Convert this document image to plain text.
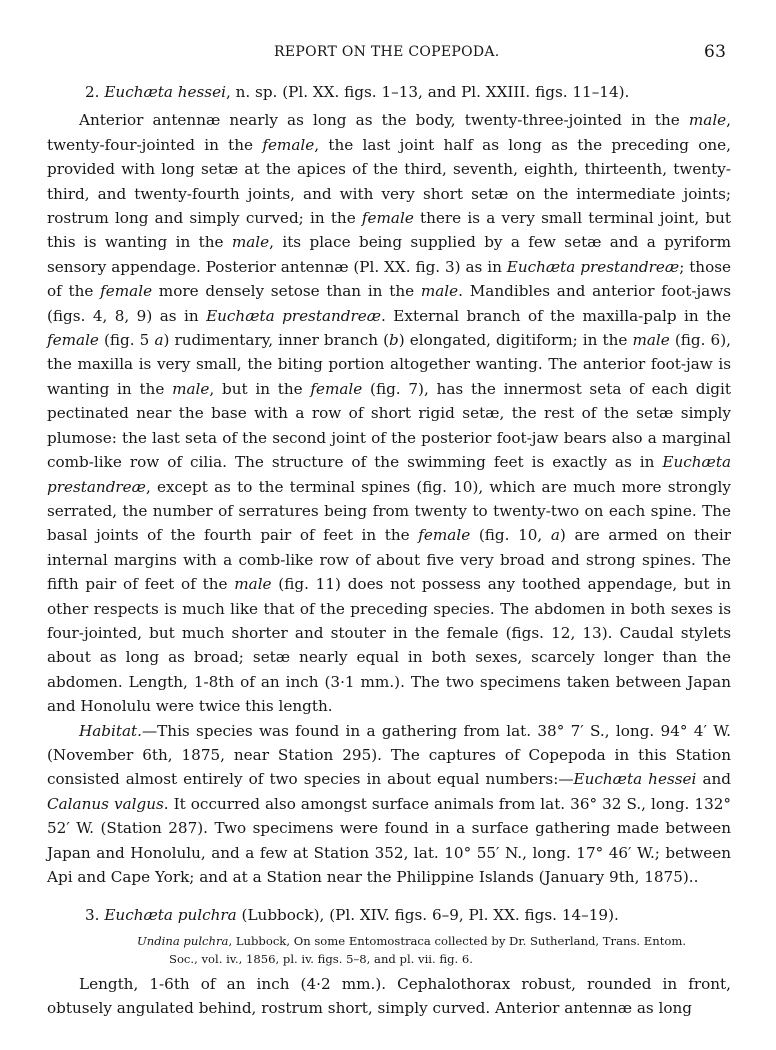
REPORT ON THE COPEPODA.	63

2. Euchæta hessei, n. sp. (Pl. XX. figs. 1–13, and Pl. XXIII. figs. 11–14).

Anterior antennæ nearly as long as the body, twenty-three-jointed in the male, twenty-four-jointed in the female, the last joint half as long as the preceding one, provided with long setæ at the apices of the third, seventh, eighth, thirteenth, twenty-third, and twenty-fourth joints, and with very short setæ on the intermediate joints; rostrum long and simply curved; in the female there is a very small terminal joint, but this is wanting in the male, its place being supplied by a few setæ and a pyriform sensory appendage. Posterior antennæ (Pl. XX. fig. 3) as in Euchæta prestandreæ; those of the female more densely setose than in the male. Mandibles and anterior foot-jaws (figs. 4, 8, 9) as in Euchæta prestandreæ. External branch of the maxilla-palp in the female (fig. 5 a) rudimentary, inner branch (b) elongated, digitiform; in the male (fig. 6), the maxilla is very small, the biting portion altogether wanting. The anterior foot-jaw is wanting in the male, but in the female (fig. 7), has the innermost seta of each digit pectinated near the base with a row of short rigid setæ, the rest of the setæ simply plumose: the last seta of the second joint of the posterior foot-jaw bears also a marginal comb-like row of cilia. The structure of the swimming feet is exactly as in Euchæta prestandreæ, except as to the terminal spines (fig. 10), which are much more strongly serrated, the number of serratures being from twenty to twenty-two on each spine. The basal joints of the fourth pair of feet in the female (fig. 10, a) are armed on their internal margins with a comb-like row of about five very broad and strong spines. The fifth pair of feet of the male (fig. 11) does not possess any toothed appendage, but in other respects is much like that of the preceding species. The abdomen in both sexes is four-jointed, but much shorter and stouter in the female (figs. 12, 13). Caudal stylets about as long as broad; setæ nearly equal in both sexes, scarcely longer than the abdomen. Length, 1-8th of an inch (3·1 mm.). The two specimens taken between Japan and Honolulu were twice this length.

Habitat.—This species was found in a gathering from lat. 38° 7′ S., long. 94° 4′ W. (November 6th, 1875, near Station 295). The captures of Copepoda in this Station consisted almost entirely of two species in about equal numbers:—Euchæta hessei and Calanus valgus. It occurred also amongst surface animals from lat. 36° 32 S., long. 132° 52′ W. (Station 287). Two specimens were found in a surface gathering made between Japan and Honolulu, and a few at Station 352, lat. 10° 55′ N., long. 17° 46′ W.; between Api and Cape York; and at a Station near the Philippine Islands (January 9th, 1875)..

3. Euchæta pulchra (Lubbock), (Pl. XIV. figs. 6–9, Pl. XX. figs. 14–19).

Undina pulchra, Lubbock, On some Entomostraca collected by Dr. Sutherland, Trans. Entom.
Soc., vol. iv., 1856, pl. iv. figs. 5–8, and pl. vii. fig. 6.

Length, 1-6th of an inch (4·2 mm.). Cephalothorax robust, rounded in front, obtusely angulated behind, rostrum short, simply curved. Anterior antennæ as long
